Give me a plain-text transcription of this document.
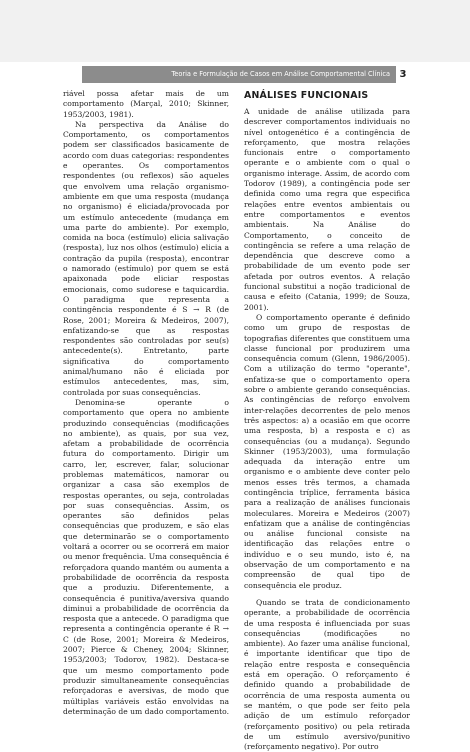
Teoria e Formulação de Casos em Análise Comportamental Clínica 3

riável possa afetar mais de um comportamento (Marçal, 2010; Skinner, 1953/2003, 1981).

Na perspectiva da Análise do Comportamento, os comportamentos podem ser classificados basicamente de acordo com duas categorias: respondentes e operantes. Os comportamentos respondentes (ou reflexos) são aqueles que envolvem uma relação organismo-ambiente em que uma resposta (mudança no organismo) é eliciada/provocada por um estímulo antecedente (mudança em uma parte do ambiente). Por exemplo, comida na boca (estímulo) elicia salivação (resposta), luz nos olhos (estímulo) elicia a contração da pupila (resposta), encontrar o namorado (estímulo) por quem se está apaixonada pode eliciar respostas emocionais, como sudorese e taquicardia. O paradigma que representa a contingência respondente é S → R (de Rose, 2001; Moreira & Medeiros, 2007), enfatizando-se que as respostas respondentes são controladas por seu(s) antecedente(s). Entretanto, parte significativa do comportamento animal/humano não é eliciada por estímulos antecedentes, mas, sim, controlada por suas consequências.

Denomina-se operante o comportamento que opera no ambiente produzindo consequências (modificações no ambiente), as quais, por sua vez, afetam a probabilidade de ocorrência futura do comportamento. Dirigir um carro, ler, escrever, falar, solucionar problemas matemáticos, namorar ou organizar a casa são exemplos de respostas operantes, ou seja, controladas por suas consequências. Assim, os operantes são definidos pelas consequências que produzem, e são elas que determinarão se o comportamento voltará a ocorrer ou se ocorrerá em maior ou menor frequência. Uma consequência é reforçadora quando mantém ou aumenta a probabilidade de ocorrência da resposta que a produziu. Diferentemente, a consequência é punitiva/aversiva quando diminui a probabilidade de ocorrência da resposta que a antecede. O paradigma que representa a contingência operante é R → C (de Rose, 2001; Moreira & Medeiros, 2007; Pierce & Cheney, 2004; Skinner, 1953/2003; Todorov, 1982). Destaca-se que um mesmo comportamento pode produzir simultaneamente consequências reforçadoras e aversivas, de modo que múltiplas variáveis estão envolvidas na determinação de um dado comportamento.

ANÁLISES FUNCIONAIS

A unidade de análise utilizada para descrever comportamentos individuais no nível ontogenético é a contingência de reforçamento, que mostra relações funcionais entre o comportamento operante e o ambiente com o qual o organismo interage. Assim, de acordo com Todorov (1989), a contingência pode ser definida como uma regra que especifica relações entre eventos ambientais ou entre comportamentos e eventos ambientais. Na Análise do Comportamento, o conceito de contingência se refere a uma relação de dependência que descreve como a probabilidade de um evento pode ser afetada por outros eventos. A relação funcional substitui a noção tradicional de causa e efeito (Catania, 1999; de Souza, 2001).

O comportamento operante é definido como um grupo de respostas de topografias diferentes que constituem uma classe funcional por produzirem uma consequência comum (Glenn, 1986/2005). Com a utilização do termo "operante", enfatiza-se que o comportamento opera sobre o ambiente gerando consequências. As contingências de reforço envolvem inter-relações decorrentes de pelo menos três aspectos: a) a ocasião em que ocorre uma resposta, b) a resposta e c) as consequências (ou a mudança). Segundo Skinner (1953/2003), uma formulação adequada da interação entre um organismo e o ambiente deve conter pelo menos esses três termos, a chamada contingência tríplice, ferramenta básica para a realização de análises funcionais moleculares. Moreira e Medeiros (2007) enfatizam que a análise de contingências ou análise funcional consiste na identificação das relações entre o indivíduo e o seu mundo, isto é, na observação de um comportamento e na compreensão de qual tipo de consequência ele produz.

Quando se trata de condicionamento operante, a probabilidade de ocorrência de uma resposta é influenciada por suas consequências (modificações no ambiente). Ao fazer uma análise funcional, é importante identificar que tipo de relação entre resposta e consequência está em operação. O reforçamento é definido quando a probabilidade de ocorrência de uma resposta aumenta ou se mantém, o que pode ser feito pela adição de um estímulo reforçador (reforçamento positivo) ou pela retirada de um estímulo aversivo/punitivo (reforçamento negativo). Por outro
